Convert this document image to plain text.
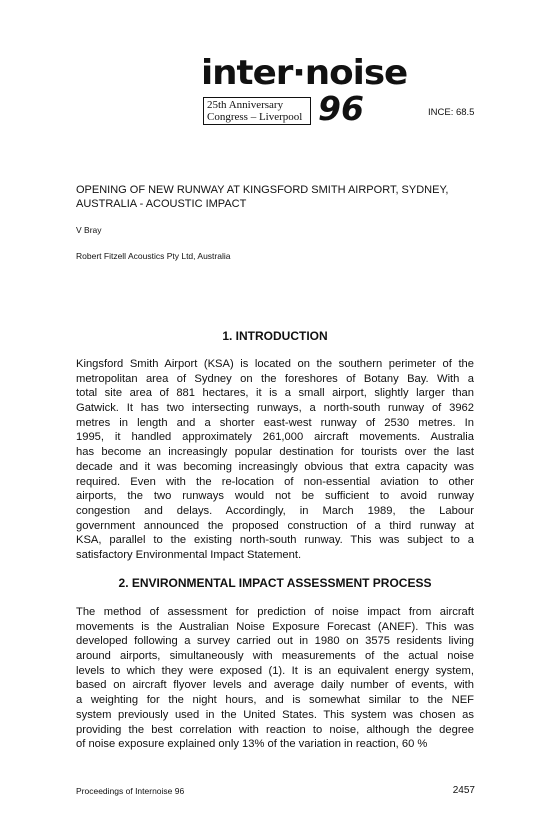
inter·noise
25th Anniversary
Congress – Liverpool 96	INCE: 68.5
OPENING OF NEW RUNWAY AT KINGSFORD SMITH AIRPORT, SYDNEY,
AUSTRALIA - ACOUSTIC IMPACT
V Bray
Robert Fitzell Acoustics Pty Ltd, Australia
1. INTRODUCTION
Kingsford Smith Airport (KSA) is located on the southern perimeter of the
metropolitan area of Sydney on the foreshores of Botany Bay. With a
total site area of 881 hectares, it is a small airport, slightly larger than
Gatwick. It has two intersecting runways, a north-south runway of 3962
metres in length and a shorter east-west runway of 2530 metres. In
1995, it handled approximately 261,000 aircraft movements. Australia
has become an increasingly popular destination for tourists over the last
decade and it was becoming increasingly obvious that extra capacity was
required. Even with the re-location of non-essential aviation to other
airports, the two runways would not be sufficient to avoid runway
congestion and delays. Accordingly, in March 1989, the Labour
government announced the proposed construction of a third runway at
KSA, parallel to the existing north-south runway. This was subject to a
satisfactory Environmental Impact Statement.
2. ENVIRONMENTAL IMPACT ASSESSMENT PROCESS
The method of assessment for prediction of noise impact from aircraft
movements is the Australian Noise Exposure Forecast (ANEF). This was
developed following a survey carried out in 1980 on 3575 residents living
around airports, simultaneously with measurements of the actual noise
levels to which they were exposed (1). It is an equivalent energy system,
based on aircraft flyover levels and average daily number of events, with
a weighting for the night hours, and is somewhat similar to the NEF
system previously used in the United States. This system was chosen as
providing the best correlation with reaction to noise, although the degree
of noise exposure explained only 13% of the variation in reaction, 60 %
Proceedings of Internoise 96	2457
